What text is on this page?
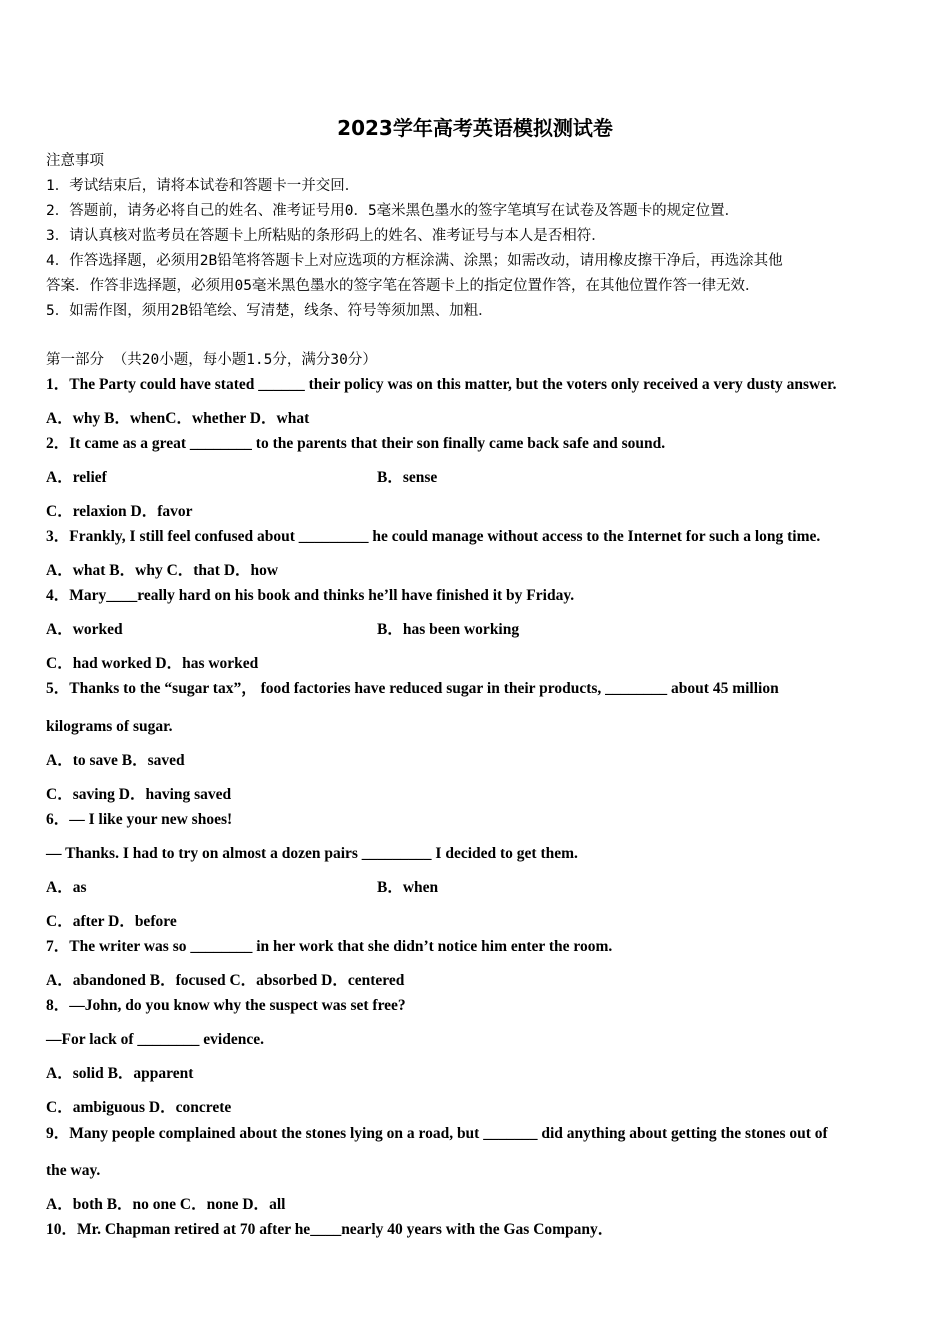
2023学年高考英语模拟测试卷
注意事项
1．考试结束后，请将本试卷和答题卡一并交回．
2．答题前，请务必将自己的姓名、准考证号用0．5毫米黑色墨水的签字笔填写在试卷及答题卡的规定位置．
3．请认真核对监考员在答题卡上所粘贴的条形码上的姓名、准考证号与本人是否相符．
4．作答选择题，必须用2B铅笔将答题卡上对应选项的方框涂满、涂黑；如需改动，请用橡皮擦干净后，再选涂其他
答案．作答非选择题，必须用05毫米黑色墨水的签字笔在答题卡上的指定位置作答，在其他位置作答一律无效．
5．如需作图，须用2B铅笔绘、写清楚，线条、符号等须加黑、加粗．
第一部分 （共20小题，每小题1.5分，满分30分）
1．The Party could have stated ______ their policy was on this matter, but the voters only received a very dusty answer.
A．why B．whenC．whether D．what
2．It came as a great ________ to the parents that their son finally came back safe and sound.
A．relief	B．sense
C．relaxion D．favor
3．Frankly, I still feel confused about _________ he could manage without access to the Internet for such a long time.
A．what B．why C．that D．how
4．Mary____really hard on his book and thinks he’ll have finished it by Friday.
A．worked	B．has been working
C．had worked D．has worked
5．Thanks to the “sugar tax”， food factories have reduced sugar in their products, ________ about 45 million
kilograms of sugar.
A．to save B．saved
C．saving D．having saved
6．— I like your new shoes!
— Thanks. I had to try on almost a dozen pairs _________ I decided to get them.
A．as	B．when
C．after D．before
7．The writer was so ________ in her work that she didn’t notice him enter the room.
A．abandoned B．focused C．absorbed D．centered
8．—John, do you know why the suspect was set free?
—For lack of ________ evidence.
A．solid B．apparent
C．ambiguous D．concrete
9．Many people complained about the stones lying on a road, but _______ did anything about getting the stones out of
the way.
A．both B．no one C．none D．all
10．Mr. Chapman retired at 70 after he____nearly 40 years with the Gas Company．
